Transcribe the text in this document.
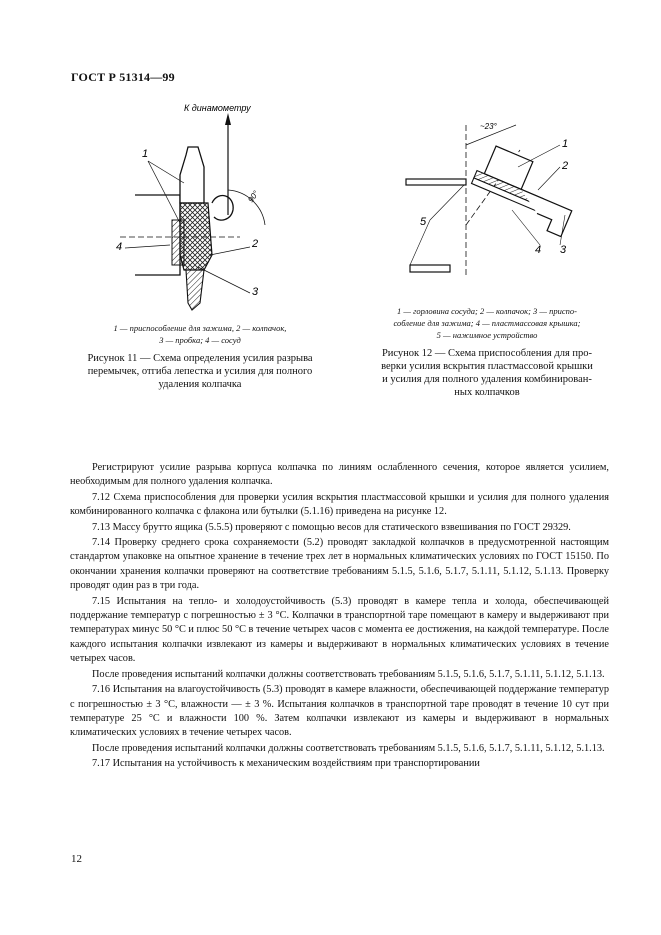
ГОСТ Р 51314—99
К динамометру
90°
1
2
3
4
1 — приспособление для зажима, 2 — колпачок,
3 — пробка; 4 — сосуд
Рисунок 11 — Схема определения усилия разрыва
перемычек, отгиба лепестка и усилия для полного
удаления колпачка
~23°
1
2
3
4
5
1 — горловина сосуда; 2 — колпачок; 3 — приспо-
собление для зажима; 4 — пластмассовая крышка;
5 — нажимное устройство
Рисунок 12 — Схема приспособления для про-
верки усилия вскрытия пластмассовой крышки
и усилия для полного удаления комбинирован-
ных колпачков

Регистрируют усилие разрыва корпуса колпачка по линиям ослабленного сечения, которое является усилием, необходимым для полного удаления колпачка.

7.12 Схема приспособления для проверки усилия вскрытия пластмассовой крышки и усилия для полного удаления комбинированного колпачка с флакона или бутылки (5.1.16) приведена на рисунке 12.

7.13 Массу брутто ящика (5.5.5) проверяют с помощью весов для статического взвешивания по ГОСТ 29329.

7.14 Проверку среднего срока сохраняемости (5.2) проводят закладкой колпачков в предусмотренной настоящим стандартом упаковке на опытное хранение в течение трех лет в нормальных климатических условиях по ГОСТ 15150. По окончании хранения колпачки проверяют на соответствие требованиям 5.1.5, 5.1.6, 5.1.7, 5.1.11, 5.1.12, 5.1.13. Проверку проводят один раз в три года.

7.15 Испытания на тепло- и холодоустойчивость (5.3) проводят в камере тепла и холода, обеспечивающей поддержание температур с погрешностью ± 3 °С. Колпачки в транспортной таре помещают в камеру и выдерживают при температурах минус 50 °С и плюс 50 °С в течение четырех часов с момента ее достижения, на каждой температуре. После каждого испытания колпачки извлекают из камеры и выдерживают в нормальных климатических условиях в течение четырех часов.

После проведения испытаний колпачки должны соответствовать требованиям 5.1.5, 5.1.6, 5.1.7, 5.1.11, 5.1.12, 5.1.13.

7.16 Испытания на влагоустойчивость (5.3) проводят в камере влажности, обеспечивающей поддержание температур с погрешностью ± 3 °С, влажности — ± 3 %. Испытания колпачков в транспортной таре проводят в течение 10 сут при температуре 25 °С и влажности 100 %. Затем колпачки извлекают из камеры и выдерживают в нормальных климатических условиях в течение четырех часов.

После проведения испытаний колпачки должны соответствовать требованиям 5.1.5, 5.1.6, 5.1.7, 5.1.11, 5.1.12, 5.1.13.

7.17 Испытания на устойчивость к механическим воздействиям при транспортировании

12
